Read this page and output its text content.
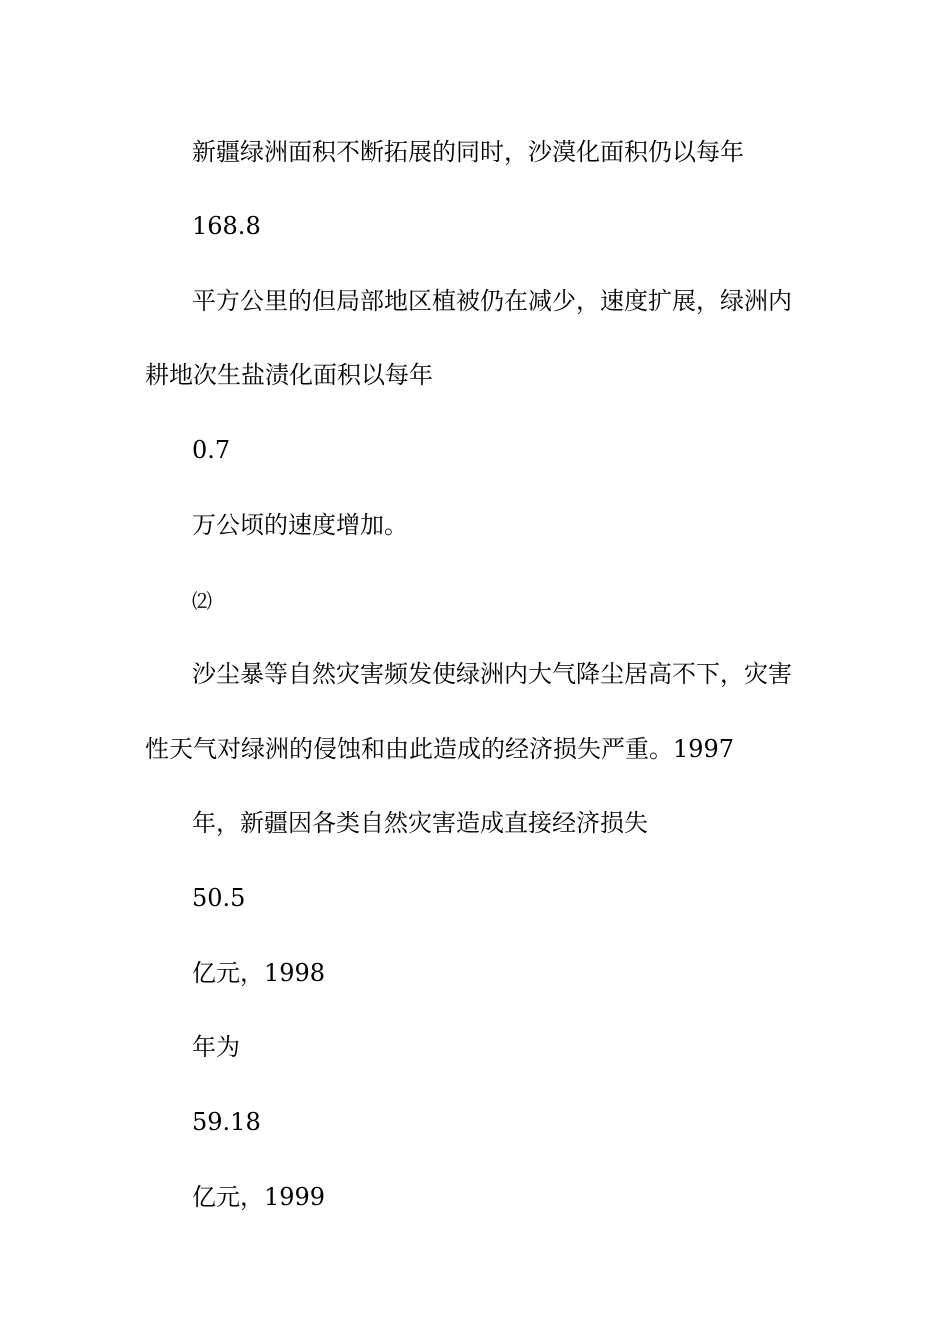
新疆绿洲面积不断拓展的同时，沙漠化面积仍以每年
168.8
平方公里的但局部地区植被仍在减少，速度扩展，绿洲内
耕地次生盐渍化面积以每年
0.7
万公顷的速度增加。
⑵
沙尘暴等自然灾害频发使绿洲内大气降尘居高不下，灾害
性天气对绿洲的侵蚀和由此造成的经济损失严重。1997
年，新疆因各类自然灾害造成直接经济损失
50.5
亿元，1998
年为
59.18
亿元，1999
